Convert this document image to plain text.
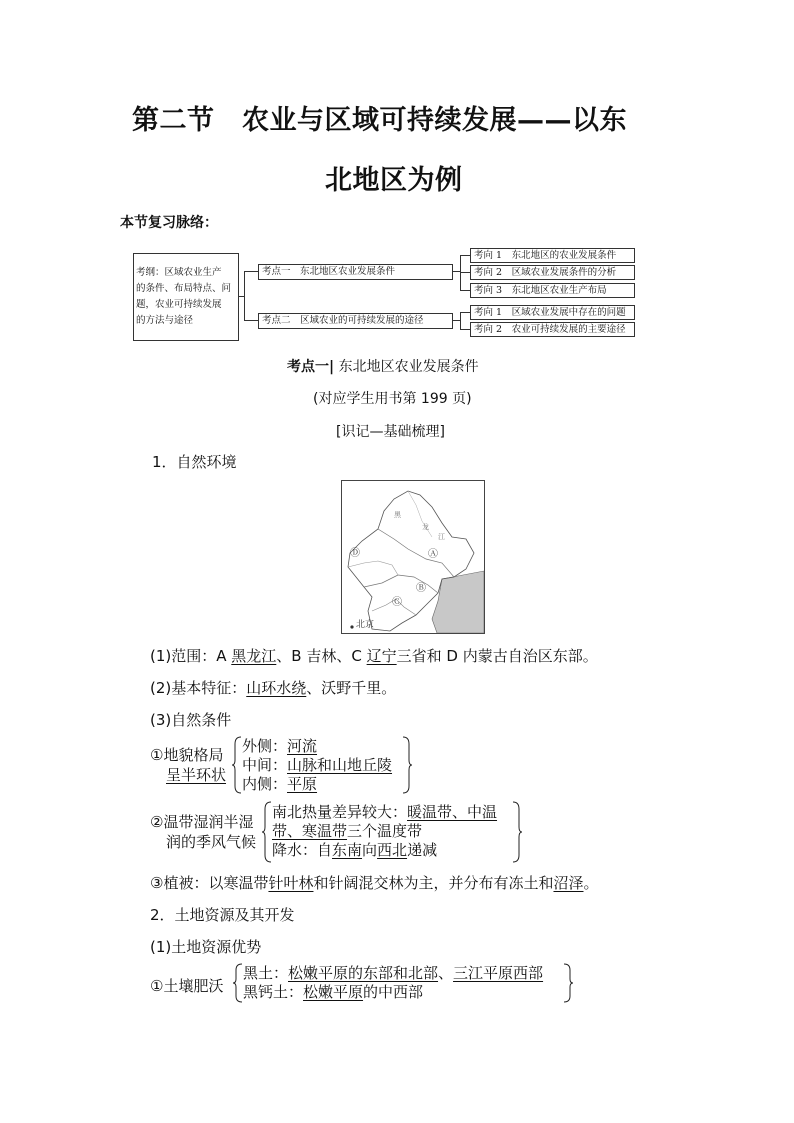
第二节　农业与区域可持续发展——以东
北地区为例
本节复习脉络：
考纲：区域农业生产
的条件、布局特点、问
题，农业可持续发展
的方法与途径
考点一　东北地区农业发展条件
考点二　区域农业的可持续发展的途径
考向 1　东北地区的农业发展条件
考向 2　区域农业发展条件的分析
考向 3　东北地区农业生产布局
考向 1　区域农业发展中存在的问题
考向 2　农业可持续发展的主要途径
考点一| 东北地区农业发展条件
(对应学生用书第 199 页)
[识记—基础梳理]
1．自然环境
黑
龙
江
Ⓐ
Ⓑ
Ⓒ
Ⓓ
北京
(1)范围：A 黑龙江、B 吉林、C 辽宁三省和 D 内蒙古自治区东部。
(2)基本特征：山环水绕、沃野千里。
(3)自然条件
①地貌格局
呈半环状
外侧：河流
中间：山脉和山地丘陵
内侧：平原
②温带湿润半湿
润的季风气候
南北热量差异较大：暖温带、中温
带、寒温带三个温度带
降水：自东南向西北递减
③植被：以寒温带针叶林和针阔混交林为主，并分布有冻土和沼泽。
2．土地资源及其开发
(1)土地资源优势
①土壤肥沃
黑土：松嫩平原的东部和北部、三江平原西部
黑钙土：松嫩平原的中西部
